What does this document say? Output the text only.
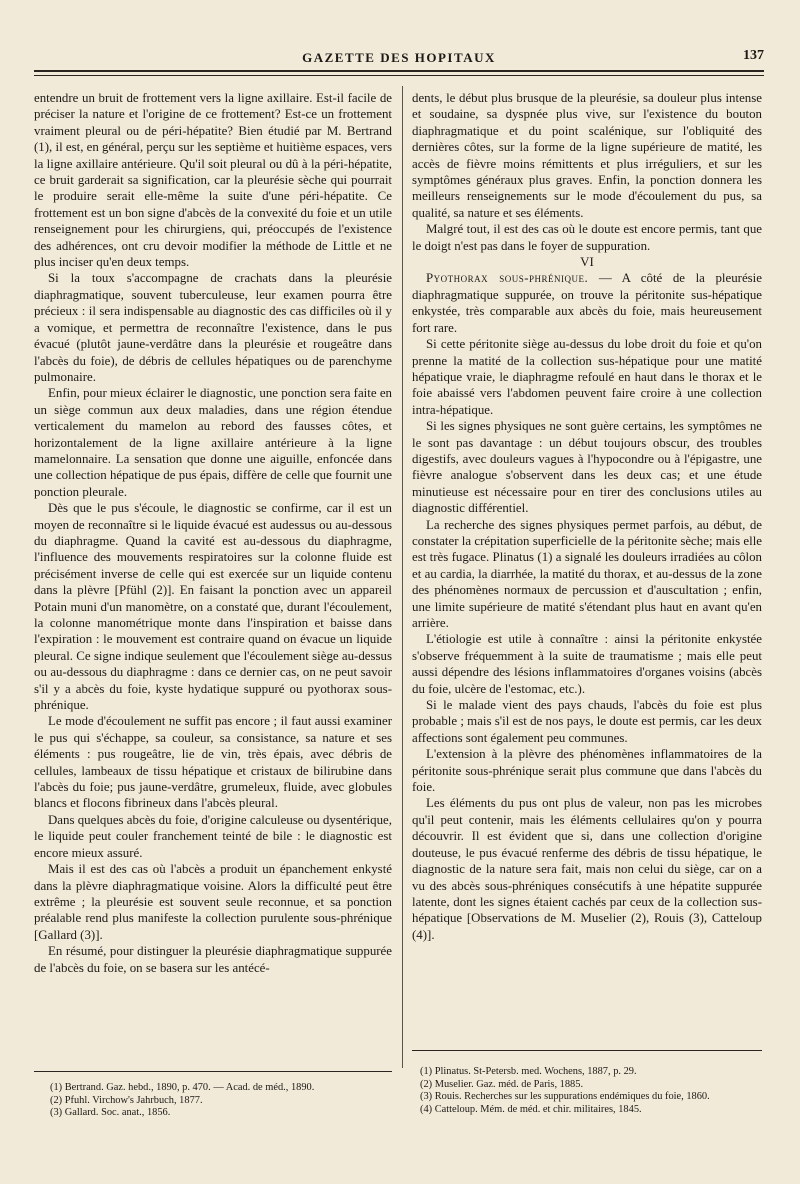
GAZETTE DES HOPITAUX	137

entendre un bruit de frottement vers la ligne axillaire. Est-il facile de préciser la nature et l'origine de ce frottement? Est-ce un frottement vraiment pleural ou de péri-hépatite? Bien étudié par M. Bertrand (1), il est, en général, perçu sur les septième et huitième espaces, vers la ligne axillaire antérieure. Qu'il soit pleural ou dû à la péri-hépatite, ce bruit garderait sa signification, car la pleurésie sèche qui pourrait le produire serait elle-même la suite d'une péri-hépatite. Ce frottement est un bon signe d'abcès de la convexité du foie et un utile renseignement pour les chirurgiens, qui, préoccupés de l'existence des adhérences, ont cru devoir modifier la méthode de Little et ne plus inciser qu'en deux temps.

Si la toux s'accompagne de crachats dans la pleurésie diaphragmatique, souvent tuberculeuse, leur examen pourra être précieux : il sera indispensable au diagnostic des cas difficiles où il y a vomique, et permettra de reconnaître l'existence, dans le pus évacué (plutôt jaune-verdâtre dans la pleurésie et rougeâtre dans l'abcès du foie), de débris de cellules hépatiques ou de parenchyme pulmonaire.

Enfin, pour mieux éclairer le diagnostic, une ponction sera faite en un siège commun aux deux maladies, dans une région étendue verticalement du mamelon au rebord des fausses côtes, et horizontalement de la ligne axillaire antérieure à la ligne mamelonnaire. La sensation que donne une aiguille, enfoncée dans une collection hépatique de pus épais, diffère de celle que fournit une ponction pleurale.

Dès que le pus s'écoule, le diagnostic se confirme, car il est un moyen de reconnaître si le liquide évacué est audessus ou au-dessous du diaphragme. Quand la cavité est au-dessous du diaphragme, l'influence des mouvements respiratoires sur la colonne fluide est précisément inverse de celle qui est exercée sur un liquide contenu dans la plèvre [Pfühl (2)]. En faisant la ponction avec un appareil Potain muni d'un manomètre, on a constaté que, durant l'écoulement, la colonne manométrique monte dans l'inspiration et baisse dans l'expiration : le mouvement est contraire quand on évacue un liquide pleural. Ce signe indique seulement que l'écoulement siège au-dessus ou au-dessous du diaphragme : dans ce dernier cas, on ne peut savoir s'il y a abcès du foie, kyste hydatique suppuré ou pyothorax sous-phrénique.

Le mode d'écoulement ne suffit pas encore ; il faut aussi examiner le pus qui s'échappe, sa couleur, sa consistance, sa nature et ses éléments : pus rougeâtre, lie de vin, très épais, avec débris de cellules, lambeaux de tissu hépatique et cristaux de bilirubine dans l'abcès du foie; pus jaune-verdâtre, grumeleux, fluide, avec globules blancs et flocons fibrineux dans l'abcès pleural.

Dans quelques abcès du foie, d'origine calculeuse ou dysentérique, le liquide peut couler franchement teinté de bile : le diagnostic est encore mieux assuré.

Mais il est des cas où l'abcès a produit un épanchement enkysté dans la plèvre diaphragmatique voisine. Alors la difficulté peut être extrême ; la pleurésie est souvent seule reconnue, et sa ponction préalable rend plus manifeste la collection purulente sous-phrénique [Gallard (3)].

En résumé, pour distinguer la pleurésie diaphragmatique suppurée de l'abcès du foie, on se basera sur les antécé-

dents, le début plus brusque de la pleurésie, sa douleur plus intense et soudaine, sa dyspnée plus vive, sur l'existence du bouton diaphragmatique et du point scalénique, sur l'obliquité des dernières côtes, sur la forme de la ligne supérieure de matité, les accès de fièvre moins rémittents et plus irréguliers, et sur les symptômes généraux plus graves. Enfin, la ponction donnera les meilleurs renseignements sur le mode d'écoulement du pus, sa qualité, sa nature et ses éléments.

Malgré tout, il est des cas où le doute est encore permis, tant que le doigt n'est pas dans le foyer de suppuration.

VI

Pyothorax sous-phrénique. — A côté de la pleurésie diaphragmatique suppurée, on trouve la péritonite sus-hépatique enkystée, très comparable aux abcès du foie, mais heureusement fort rare.

Si cette péritonite siège au-dessus du lobe droit du foie et qu'on prenne la matité de la collection sus-hépatique pour une matité hépatique vraie, le diaphragme refoulé en haut dans le thorax et le foie abaissé vers l'abdomen peuvent faire croire à une collection intra-hépatique.

Si les signes physiques ne sont guère certains, les symptômes ne le sont pas davantage : un début toujours obscur, des troubles digestifs, avec douleurs vagues à l'hypocondre ou à l'épigastre, une fièvre analogue s'observent dans les deux cas; et une étude minutieuse est nécessaire pour en tirer des conclusions utiles au diagnostic différentiel.

La recherche des signes physiques permet parfois, au début, de constater la crépitation superficielle de la péritonite sèche; mais elle est très fugace. Plinatus (1) a signalé les douleurs irradiées au côlon et au cardia, la diarrhée, la matité du thorax, et au-dessus de la zone des phénomènes normaux de percussion et d'auscultation ; enfin, une limite supérieure de matité s'étendant plus haut en avant qu'en arrière.

L'étiologie est utile à connaître : ainsi la péritonite enkystée s'observe fréquemment à la suite de traumatisme ; mais elle peut aussi dépendre des lésions inflammatoires d'organes voisins (abcès du foie, ulcère de l'estomac, etc.).

Si le malade vient des pays chauds, l'abcès du foie est plus probable ; mais s'il est de nos pays, le doute est permis, car les deux affections sont également peu communes.

L'extension à la plèvre des phénomènes inflammatoires de la péritonite sous-phrénique serait plus commune que dans l'abcès du foie.

Les éléments du pus ont plus de valeur, non pas les microbes qu'il peut contenir, mais les éléments cellulaires qu'on y pourra découvrir. Il est évident que si, dans une collection d'origine douteuse, le pus évacué renferme des débris de tissu hépatique, le diagnostic de la nature sera fait, mais non celui du siège, car on a vu des abcès sous-phréniques consécutifs à une hépatite suppurée latente, dont les signes étaient cachés par ceux de la collection sus-hépatique [Observations de M. Muselier (2), Rouis (3), Catteloup (4)].

(1) Bertrand. Gaz. hebd., 1890, p. 470. — Acad. de méd., 1890.
(2) Pfuhl. Virchow's Jahrbuch, 1877.
(3) Gallard. Soc. anat., 1856.
(1) Plinatus. St-Petersb. med. Wochens, 1887, p. 29.
(2) Muselier. Gaz. méd. de Paris, 1885.
(3) Rouis. Recherches sur les suppurations endémiques du foie, 1860.
(4) Catteloup. Mém. de méd. et chir. militaires, 1845.
